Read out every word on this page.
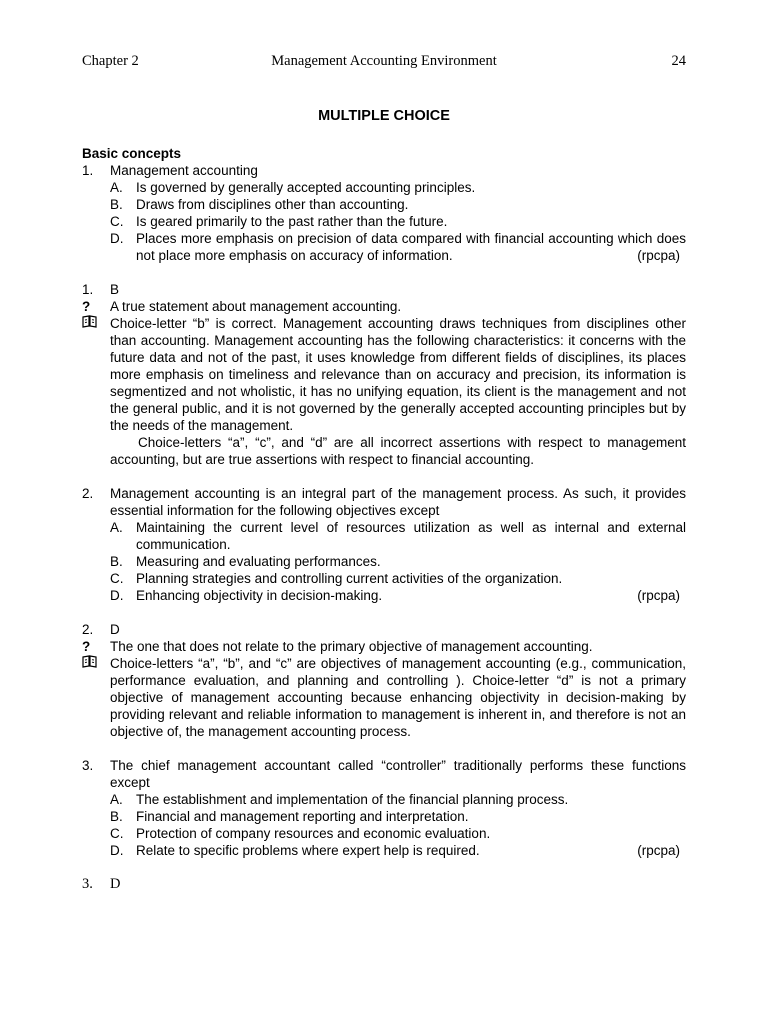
Chapter 2	Management Accounting Environment	24
MULTIPLE CHOICE
Basic concepts
1.	Management accounting
A. Is governed by generally accepted accounting principles.
B. Draws from disciplines other than accounting.
C. Is geared primarily to the past rather than the future.
D. Places more emphasis on precision of data compared with financial accounting which does not place more emphasis on accuracy of information.	(rpcpa)
1.	B
?	A true statement about management accounting.
Choice-letter “b” is correct. Management accounting draws techniques from disciplines other than accounting. Management accounting has the following characteristics: it concerns with the future data and not of the past, it uses knowledge from different fields of disciplines, its places more emphasis on timeliness and relevance than on accuracy and precision, its information is segmentized and not wholistic, it has no unifying equation, its client is the management and not the general public, and it is not governed by the generally accepted accounting principles but by the needs of the management.
Choice-letters “a”, “c”, and “d” are all incorrect assertions with respect to management accounting, but are true assertions with respect to financial accounting.
2.	Management accounting is an integral part of the management process. As such, it provides essential information for the following objectives except
A. Maintaining the current level of resources utilization as well as internal and external communication.
B. Measuring and evaluating performances.
C. Planning strategies and controlling current activities of the organization.
D. Enhancing objectivity in decision-making.	(rpcpa)
2.	D
?	The one that does not relate to the primary objective of management accounting.
Choice-letters “a”, “b”, and “c” are objectives of management accounting (e.g., communication, performance evaluation, and planning and controlling ). Choice-letter “d” is not a primary objective of management accounting because enhancing objectivity in decision-making by providing relevant and reliable information to management is inherent in, and therefore is not an objective of, the management accounting process.
3.	The chief management accountant called “controller” traditionally performs these functions except
A. The establishment and implementation of the financial planning process.
B. Financial and management reporting and interpretation.
C. Protection of company resources and economic evaluation.
D. Relate to specific problems where expert help is required.	(rpcpa)
3.	D
